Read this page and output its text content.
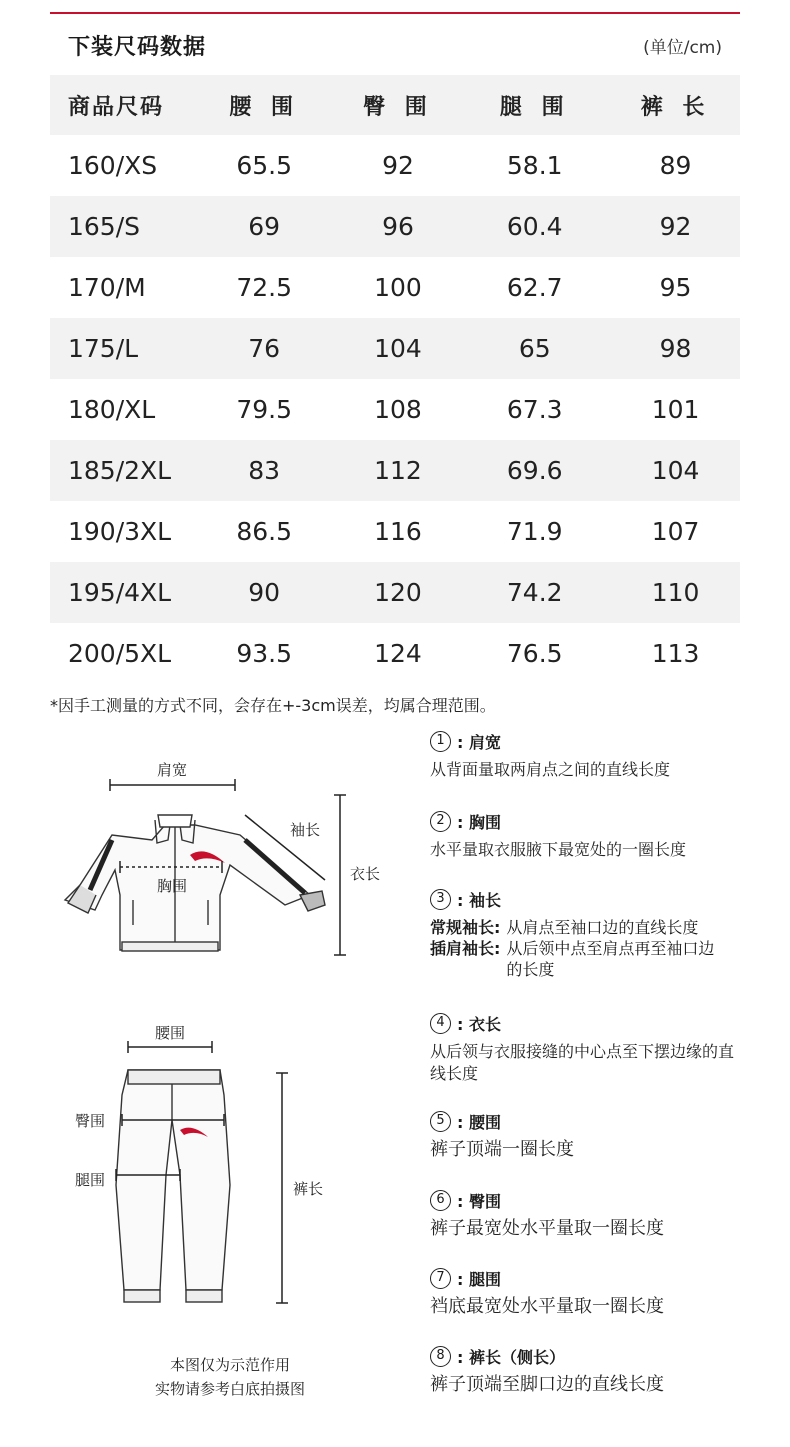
下装尺码数据	(单位/cm)
商品尺码	腰 围	臀 围	腿 围	裤 长
160/XS	65.5	92	58.1	89
165/S	69	96	60.4	92
170/M	72.5	100	62.7	95
175/L	76	104	65	98
180/XL	79.5	108	67.3	101
185/2XL	83	112	69.6	104
190/3XL	86.5	116	71.9	107
195/4XL	90	120	74.2	110
200/5XL	93.5	124	76.5	113
*因手工测量的方式不同，会存在+-3cm误差，均属合理范围。
肩宽
袖长
胸围
衣长
腰围
臀围
腿围	裤长
本图仅为示范作用
实物请参考白底拍摄图
1 : 肩宽
从背面量取两肩点之间的直线长度
2 : 胸围
水平量取衣服腋下最宽处的一圈长度
3 : 袖长
常规袖长: 从肩点至袖口边的直线长度
插肩袖长: 从后领中点至肩点再至袖口边的长度
4 : 衣长
从后领与衣服接缝的中心点至下摆边缘的直线长度
5 : 腰围
裤子顶端一圈长度
6 : 臀围
裤子最宽处水平量取一圈长度
7 : 腿围
裆底最宽处水平量取一圈长度
8 : 裤长（侧长）
裤子顶端至脚口边的直线长度
